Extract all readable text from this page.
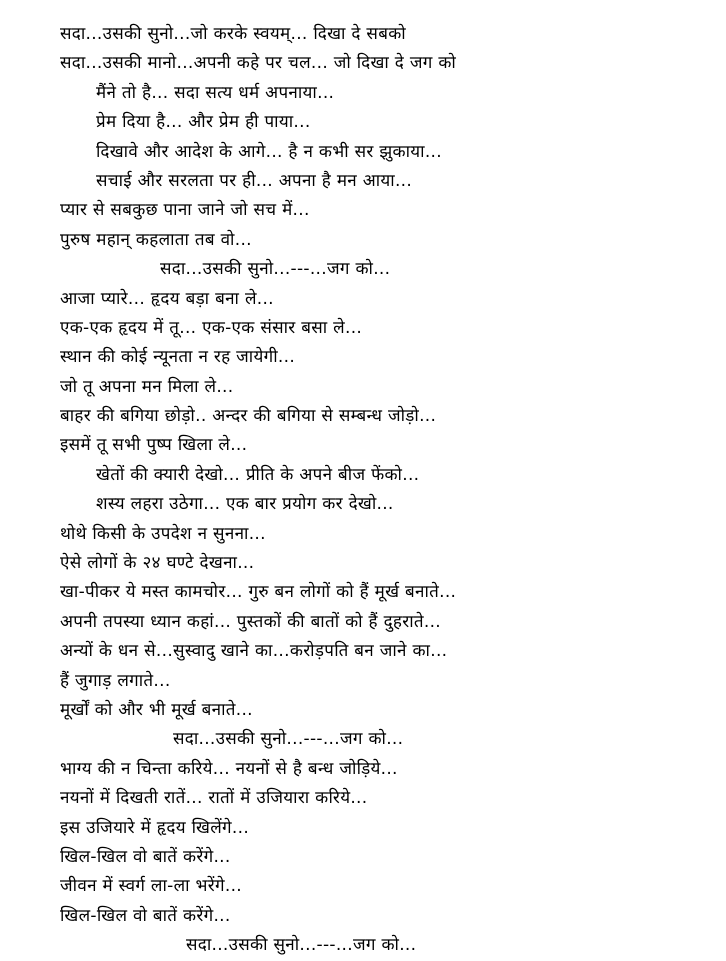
सदा...उसकी सुनो...जो करके स्वयम्... दिखा दे सबको
सदा...उसकी मानो...अपनी कहे पर चल... जो दिखा दे जग को
मैंने तो है... सदा सत्य धर्म अपनाया...
प्रेम दिया है... और प्रेम ही पाया...
दिखावे और आदेश के आगे... है न कभी सर झुकाया...
सचाई और सरलता पर ही... अपना है मन आया...
प्यार से सबकुछ पाना जाने जो सच में...
पुरुष महान् कहलाता तब वो...
सदा...उसकी सुनो...---...जग को...
आजा प्यारे... हृदय बड़ा बना ले...
एक-एक हृदय में तू... एक-एक संसार बसा ले...
स्थान की कोई न्यूनता न रह जायेगी...
जो तू अपना मन मिला ले...
बाहर की बगिया छोड़ो.. अन्दर की बगिया से सम्बन्ध जोड़ो...
इसमें तू सभी पुष्प खिला ले...
खेतों की क्यारी देखो... प्रीति के अपने बीज फेंको...
शस्य लहरा उठेगा... एक बार प्रयोग कर देखो...
थोथे किसी के उपदेश न सुनना...
ऐसे लोगों के २४ घण्टे देखना...
खा-पीकर ये मस्त कामचोर... गुरु बन लोगों को हैं मूर्ख बनाते...
अपनी तपस्या ध्यान कहां... पुस्तकों की बातों को हैं दुहराते...
अन्यों के धन से...सुस्वादु खाने का...करोड़पति बन जाने का...
हैं जुगाड़ लगाते...
मूर्खों को और भी मूर्ख बनाते...
सदा...उसकी सुनो...---...जग को...
भाग्य की न चिन्ता करिये... नयनों से है बन्ध जोड़िये...
नयनों में दिखती रातें... रातों में उजियारा करिये...
इस उजियारे में हृदय खिलेंगे...
खिल-खिल वो बातें करेंगे...
जीवन में स्वर्ग ला-ला भरेंगे...
खिल-खिल वो बातें करेंगे...
सदा...उसकी सुनो...---...जग को...
